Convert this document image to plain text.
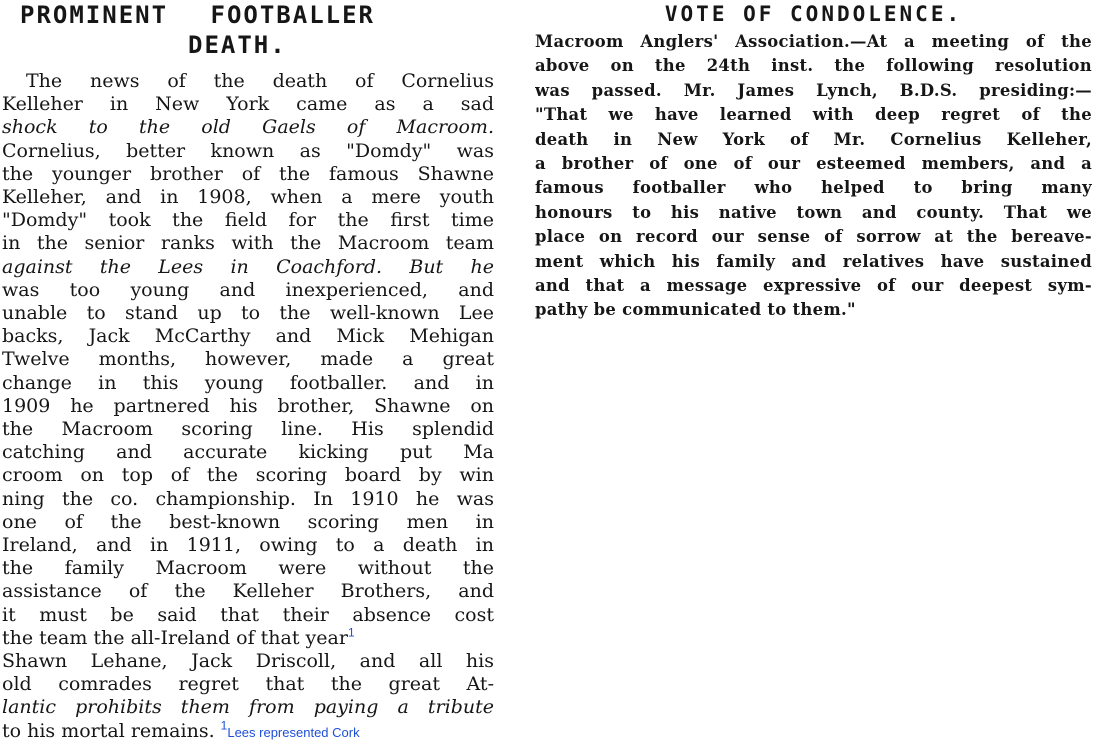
PROMINENT FOOTBALLER
DEATH.
The news of the death of Cornelius
Kelleher in New York came as a sad
shock to the old Gaels of Macroom.
Cornelius, better known as "Domdy" was
the younger brother of the famous Shawne
Kelleher, and in 1908, when a mere youth
"Domdy" took the field for the first time
in the senior ranks with the Macroom team
against the Lees in Coachford. But he
was too young and inexperienced, and
unable to stand up to the well-known Lee
backs, Jack McCarthy and Mick Mehigan
Twelve months, however, made a great
change in this young footballer. and in
1909 he partnered his brother, Shawne on
the Macroom scoring line. His splendid
catching and accurate kicking put Ma
croom on top of the scoring board by win
ning the co. championship. In 1910 he was
one of the best-known scoring men in
Ireland, and in 1911, owing to a death in
the family Macroom were without the
assistance of the Kelleher Brothers, and
it must be said that their absence cost
the team the all-Ireland of that year$^1$
Shawn Lehane, Jack Driscoll, and all his
old comrades regret that the great At-
lantic prohibits them from paying a tribute
to his mortal remains. $^1$Lees represented Cork
VOTE OF CONDOLENCE.
Macroom Anglers' Association.—At a meeting of the
above on the 24th inst. the following resolution
was passed. Mr. James Lynch, B.D.S. presiding:—
"That we have learned with deep regret of the
death in New York of Mr. Cornelius Kelleher,
a brother of one of our esteemed members, and a
famous footballer who helped to bring many
honours to his native town and county. That we
place on record our sense of sorrow at the bereave-
ment which his family and relatives have sustained
and that a message expressive of our deepest sym-
pathy be communicated to them."
